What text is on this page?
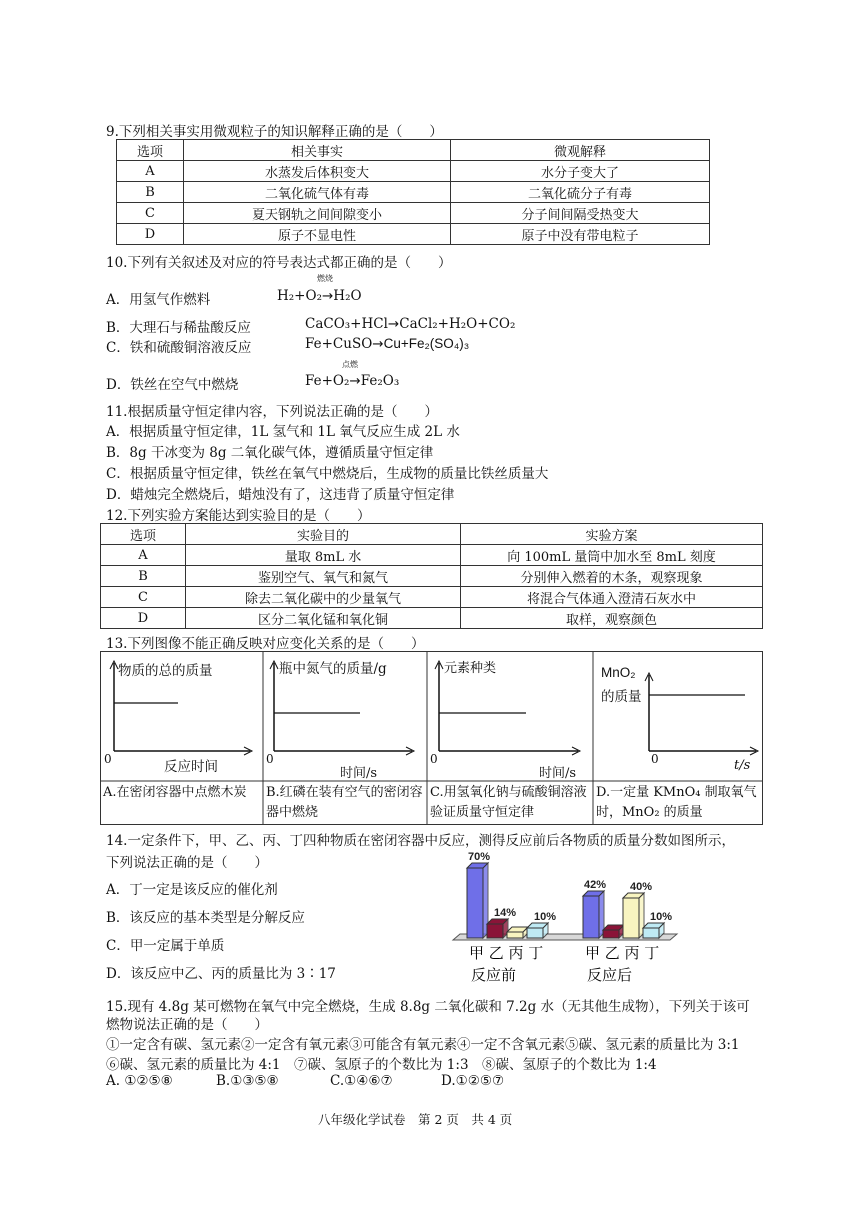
9.下列相关事实用微观粒子的知识解释正确的是（　　）
选项	相关事实	微观解释
A	水蒸发后体积变大	水分子变大了
B	二氧化硫气体有毒	二氧化硫分子有毒
C	夏天钢轨之间间隙变小	分子间间隔受热变大
D	原子不显电性	原子中没有带电粒子
10.下列有关叙述及对应的符号表达式都正确的是（　　）
燃烧
A．用氢气作燃料	H₂+O₂→H₂O
B．大理石与稀盐酸反应	CaCO₃+HCl→CaCl₂+H₂O+CO₂
C．铁和硫酸铜溶液反应	Fe+CuSO→Cu+Fe₂(SO₄)₃
点燃
D．铁丝在空气中燃烧	Fe+O₂→Fe₂O₃
11.根据质量守恒定律内容，下列说法正确的是（　　）
A．根据质量守恒定律，1L 氢气和 1L 氧气反应生成 2L 水
B．8g 干冰变为 8g 二氧化碳气体，遵循质量守恒定律
C．根据质量守恒定律，铁丝在氧气中燃烧后，生成物的质量比铁丝质量大
D．蜡烛完全燃烧后，蜡烛没有了，这违背了质量守恒定律
12.下列实验方案能达到实验目的是（　　）
选项	实验目的	实验方案
A	量取 8mL 水	向 100mL 量筒中加水至 8mL 刻度
B	鉴别空气、氧气和氮气	分别伸入燃着的木条，观察现象
C	除去二氧化碳中的少量氧气	将混合气体通入澄清石灰水中
D	区分二氧化锰和氧化铜	取样，观察颜色
13.下列图像不能正确反映对应变化关系的是（　　）
物质的总的质量
0	反应时间
瓶中氮气的质量/g
0
时间/s
元素种类
0
时间/s
MnO₂
的质量
0	t/s
A.在密闭容器中点燃木炭	B.红磷在装有空气的密闭容器中燃烧
C.用氢氧化钠与硫酸铜溶液验证质量守恒定律
D.一定量 KMnO₄ 制取氧气时，MnO₂ 的质量
14.一定条件下，甲、乙、丙、丁四种物质在密闭容器中反应，测得反应前后各物质的质量分数如图所示，
下列说法正确的是（　　）
A．丁一定是该反应的催化剂
B．该反应的基本类型是分解反应
C．甲一定属于单质
D．该反应中乙、丙的质量比为 3∶17
70%
14% 10%
42% 40%
10%
甲 乙 丙 丁
反应前
甲 乙 丙 丁
反应后
15.现有 4.8g 某可燃物在氧气中完全燃烧，生成 8.8g 二氧化碳和 7.2g 水（无其他生成物），下列关于该可
燃物说法正确的是（　　）
①一定含有碳、氢元素②一定含有氧元素③可能含有氧元素④一定不含氧元素⑤碳、氢元素的质量比为 3:1
⑥碳、氢元素的质量比为 4:1　⑦碳、氢原子的个数比为 1:3　⑧碳、氢原子的个数比为 1:4
A. ①②⑤⑧	B.①③⑤⑧	C.①④⑥⑦	D.①②⑤⑦
八年级化学试卷　第 2 页　共 4 页
